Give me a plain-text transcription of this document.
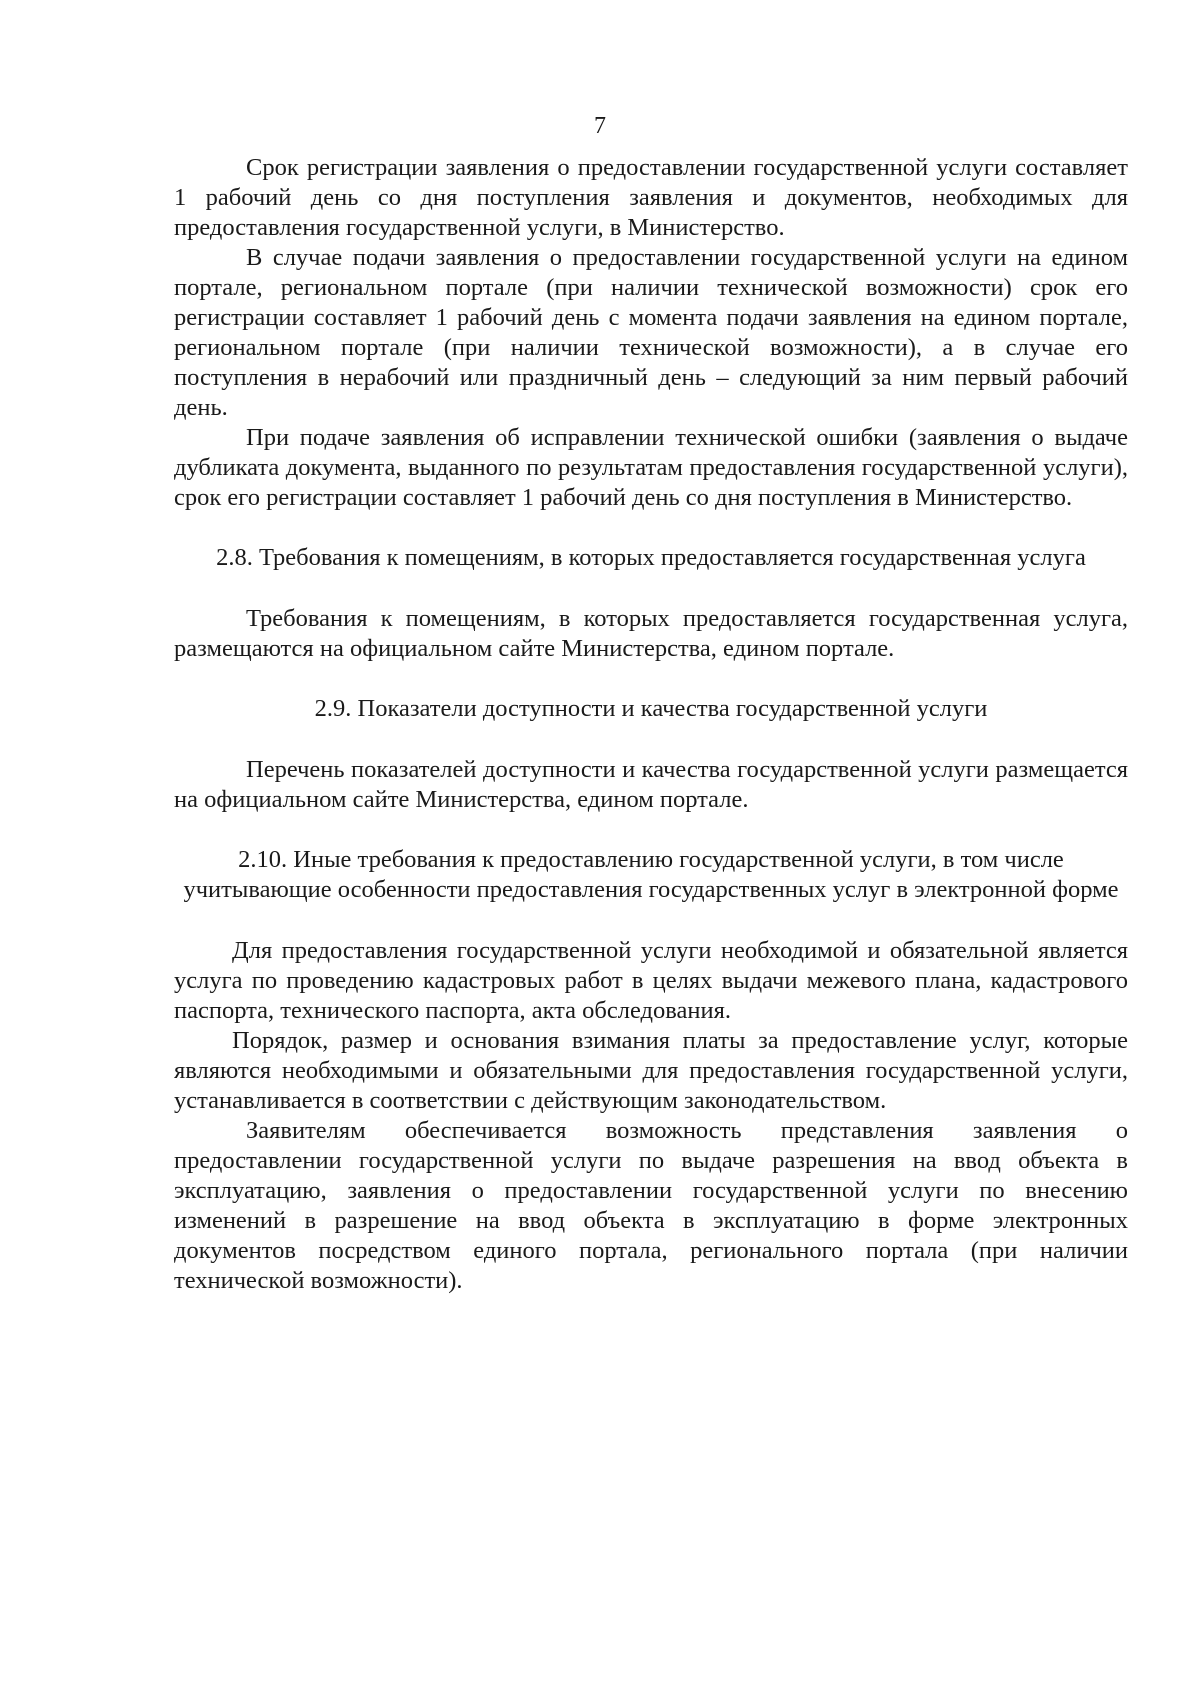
7

Срок регистрации заявления о предоставлении государственной услуги составляет 1 рабочий день со дня поступления заявления и документов, необходимых для предоставления государственной услуги, в Министерство.

В случае подачи заявления о предоставлении государственной услуги на едином портале, региональном портале (при наличии технической возможности) срок его регистрации составляет 1 рабочий день с момента подачи заявления на едином портале, региональном портале (при наличии технической возможности), а в случае его поступления в нерабочий или праздничный день – следующий за ним первый рабочий день.

При подаче заявления об исправлении технической ошибки (заявления о выдаче дубликата документа, выданного по результатам предоставления государственной услуги), срок его регистрации составляет 1 рабочий день со дня поступления в Министерство.

2.8. Требования к помещениям, в которых предоставляется государственная услуга

Требования к помещениям, в которых предоставляется государственная услуга, размещаются на официальном сайте Министерства, едином портале.

2.9. Показатели доступности и качества государственной услуги

Перечень показателей доступности и качества государственной услуги размещается на официальном сайте Министерства, едином портале.

2.10. Иные требования к предоставлению государственной услуги, в том числе учитывающие особенности предоставления государственных услуг в электронной форме

Для предоставления государственной услуги необходимой и обязательной является услуга по проведению кадастровых работ в целях выдачи межевого плана, кадастрового паспорта, технического паспорта, акта обследования.

Порядок, размер и основания взимания платы за предоставление услуг, которые являются необходимыми и обязательными для предоставления государственной услуги, устанавливается в соответствии с действующим законодательством.

Заявителям обеспечивается возможность представления заявления о предоставлении государственной услуги по выдаче разрешения на ввод объекта в эксплуатацию, заявления о предоставлении государственной услуги по внесению изменений в разрешение на ввод объекта в эксплуатацию в форме электронных документов посредством единого портала, регионального портала (при наличии технической возможности).
